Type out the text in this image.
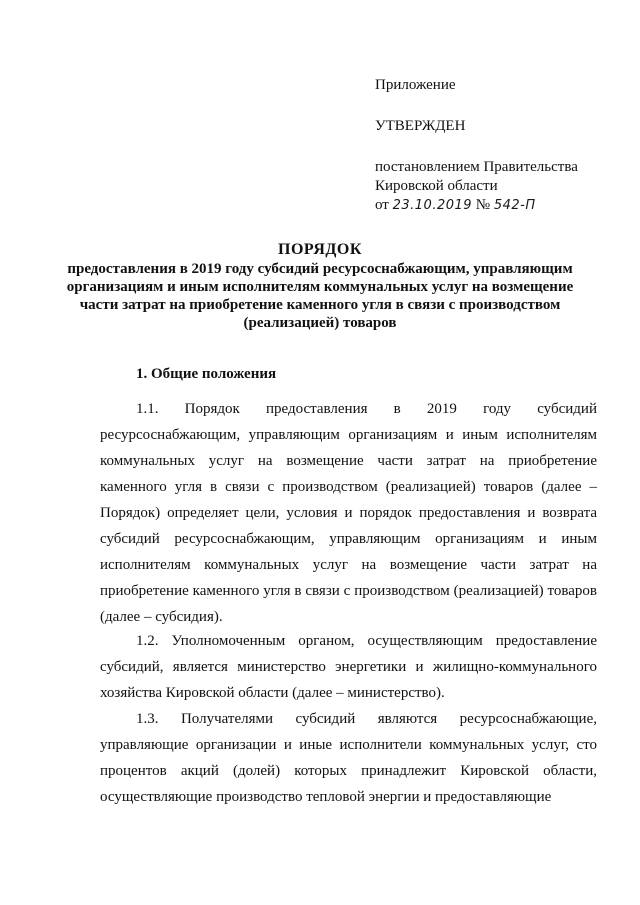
Приложение
УТВЕРЖДЕН
постановлением Правительства
Кировской области
от 23.10.2019 № 542-П
ПОРЯДОК

предоставления в 2019 году субсидий ресурсоснабжающим, управляющим организациям и иным исполнителям коммунальных услуг на возмещение части затрат на приобретение каменного угля в связи с производством (реализацией) товаров

1. Общие положения

1.1. Порядок предоставления в 2019 году субсидий ресурсоснабжающим, управляющим организациям и иным исполнителям коммунальных услуг на возмещение части затрат на приобретение каменного угля в связи с производством (реализацией) товаров (далее – Порядок) определяет цели, условия и порядок предоставления и возврата субсидий ресурсоснабжающим, управляющим организациям и иным исполнителям коммунальных услуг на возмещение части затрат на приобретение каменного угля в связи с производством (реализацией) товаров (далее – субсидия).

1.2. Уполномоченным органом, осуществляющим предоставление субсидий, является министерство энергетики и жилищно-коммунального хозяйства Кировской области (далее – министерство).

1.3. Получателями субсидий являются ресурсоснабжающие, управляющие организации и иные исполнители коммунальных услуг, сто процентов акций (долей) которых принадлежит Кировской области, осуществляющие производство тепловой энергии и предоставляющие
